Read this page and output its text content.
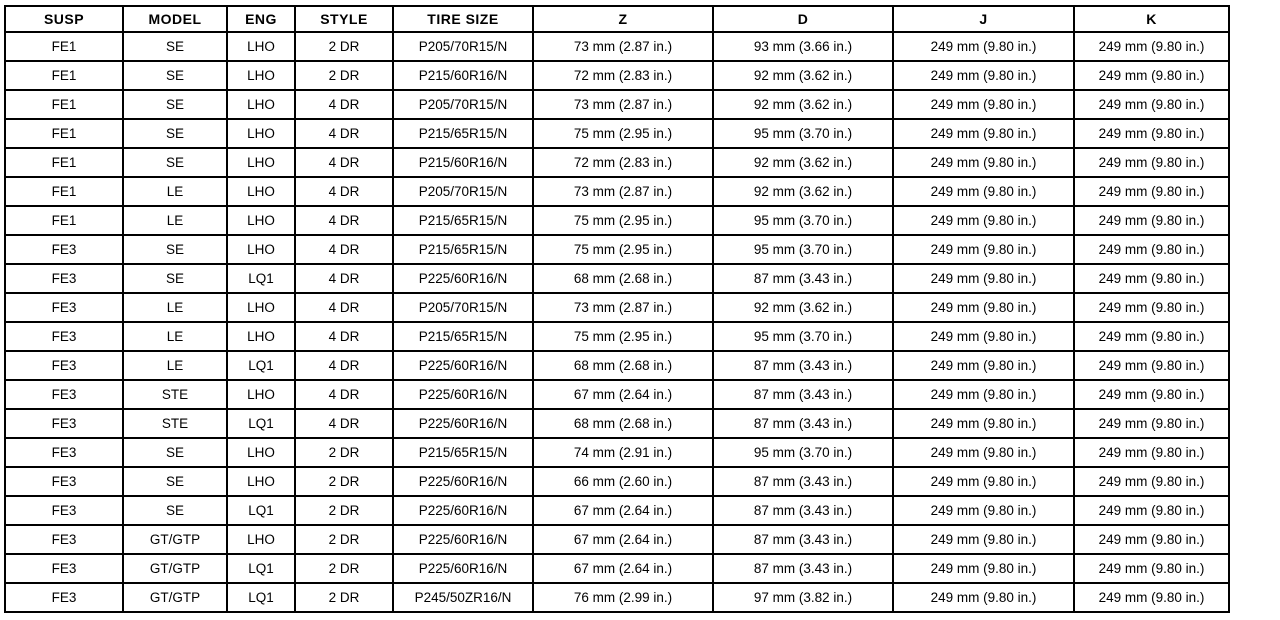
SUSP	MODEL	ENG	STYLE	TIRE SIZE	Z	D	J	K
FE1	SE	LHO	2 DR	P205/70R15/N	73 mm (2.87 in.)	93 mm (3.66 in.)	249 mm (9.80 in.)	249 mm (9.80 in.)
FE1	SE	LHO	2 DR	P215/60R16/N	72 mm (2.83 in.)	92 mm (3.62 in.)	249 mm (9.80 in.)	249 mm (9.80 in.)
FE1	SE	LHO	4 DR	P205/70R15/N	73 mm (2.87 in.)	92 mm (3.62 in.)	249 mm (9.80 in.)	249 mm (9.80 in.)
FE1	SE	LHO	4 DR	P215/65R15/N	75 mm (2.95 in.)	95 mm (3.70 in.)	249 mm (9.80 in.)	249 mm (9.80 in.)
FE1	SE	LHO	4 DR	P215/60R16/N	72 mm (2.83 in.)	92 mm (3.62 in.)	249 mm (9.80 in.)	249 mm (9.80 in.)
FE1	LE	LHO	4 DR	P205/70R15/N	73 mm (2.87 in.)	92 mm (3.62 in.)	249 mm (9.80 in.)	249 mm (9.80 in.)
FE1	LE	LHO	4 DR	P215/65R15/N	75 mm (2.95 in.)	95 mm (3.70 in.)	249 mm (9.80 in.)	249 mm (9.80 in.)
FE3	SE	LHO	4 DR	P215/65R15/N	75 mm (2.95 in.)	95 mm (3.70 in.)	249 mm (9.80 in.)	249 mm (9.80 in.)
FE3	SE	LQ1	4 DR	P225/60R16/N	68 mm (2.68 in.)	87 mm (3.43 in.)	249 mm (9.80 in.)	249 mm (9.80 in.)
FE3	LE	LHO	4 DR	P205/70R15/N	73 mm (2.87 in.)	92 mm (3.62 in.)	249 mm (9.80 in.)	249 mm (9.80 in.)
FE3	LE	LHO	4 DR	P215/65R15/N	75 mm (2.95 in.)	95 mm (3.70 in.)	249 mm (9.80 in.)	249 mm (9.80 in.)
FE3	LE	LQ1	4 DR	P225/60R16/N	68 mm (2.68 in.)	87 mm (3.43 in.)	249 mm (9.80 in.)	249 mm (9.80 in.)
FE3	STE	LHO	4 DR	P225/60R16/N	67 mm (2.64 in.)	87 mm (3.43 in.)	249 mm (9.80 in.)	249 mm (9.80 in.)
FE3	STE	LQ1	4 DR	P225/60R16/N	68 mm (2.68 in.)	87 mm (3.43 in.)	249 mm (9.80 in.)	249 mm (9.80 in.)
FE3	SE	LHO	2 DR	P215/65R15/N	74 mm (2.91 in.)	95 mm (3.70 in.)	249 mm (9.80 in.)	249 mm (9.80 in.)
FE3	SE	LHO	2 DR	P225/60R16/N	66 mm (2.60 in.)	87 mm (3.43 in.)	249 mm (9.80 in.)	249 mm (9.80 in.)
FE3	SE	LQ1	2 DR	P225/60R16/N	67 mm (2.64 in.)	87 mm (3.43 in.)	249 mm (9.80 in.)	249 mm (9.80 in.)
FE3	GT/GTP	LHO	2 DR	P225/60R16/N	67 mm (2.64 in.)	87 mm (3.43 in.)	249 mm (9.80 in.)	249 mm (9.80 in.)
FE3	GT/GTP	LQ1	2 DR	P225/60R16/N	67 mm (2.64 in.)	87 mm (3.43 in.)	249 mm (9.80 in.)	249 mm (9.80 in.)
FE3	GT/GTP	LQ1	2 DR	P245/50ZR16/N	76 mm (2.99 in.)	97 mm (3.82 in.)	249 mm (9.80 in.)	249 mm (9.80 in.)
